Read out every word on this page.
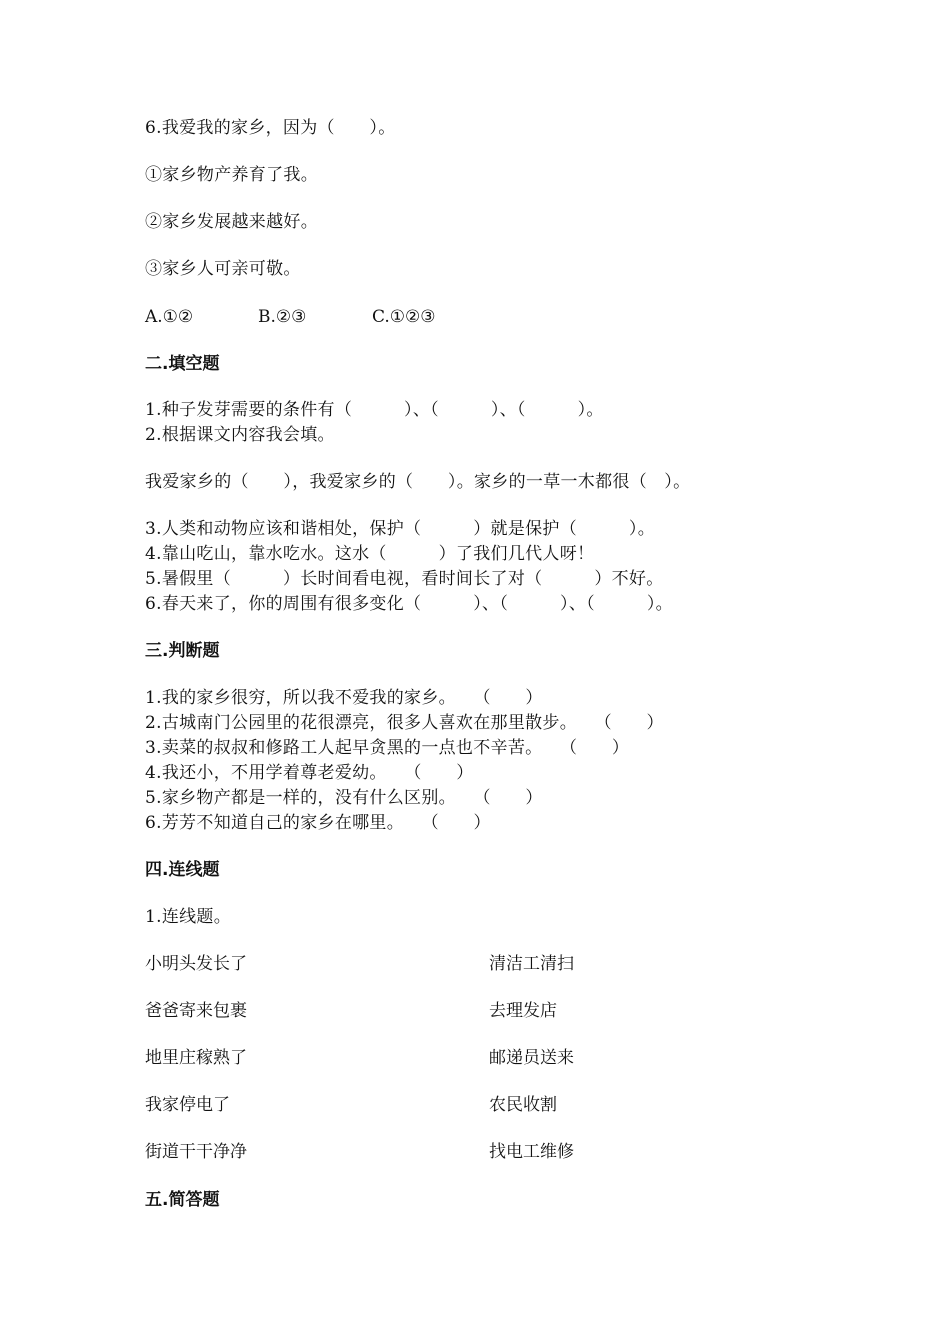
6.我爱我的家乡，因为（　　）。
①家乡物产养育了我。
②家乡发展越来越好。
③家乡人可亲可敬。
A.①②	B.②③	C.①②③
二.填空题
1.种子发芽需要的条件有（　　　）、（　　　）、（　　　）。
2.根据课文内容我会填。
我爱家乡的（　　），我爱家乡的（　　）。家乡的一草一木都很（　）。
3.人类和动物应该和谐相处，保护（　　　）就是保护（　　　）。
4.靠山吃山，靠水吃水。这水（　　　）了我们几代人呀！
5.暑假里（　　　）长时间看电视，看时间长了对（　　　）不好。
6.春天来了，你的周围有很多变化（　　　）、（　　　）、（　　　）。
三.判断题
1.我的家乡很穷，所以我不爱我的家乡。　　（　　）
2.古城南门公园里的花很漂亮，很多人喜欢在那里散步。　　（　　）
3.卖菜的叔叔和修路工人起早贪黑的一点也不辛苦。　　（　　）
4.我还小，不用学着尊老爱幼。　　（　　）
5.家乡物产都是一样的，没有什么区别。　　（　　）
6.芳芳不知道自己的家乡在哪里。　　（　　）
四.连线题
1.连线题。
小明头发长了	清洁工清扫
爸爸寄来包裹	去理发店
地里庄稼熟了	邮递员送来
我家停电了	农民收割
街道干干净净	找电工维修
五.简答题
